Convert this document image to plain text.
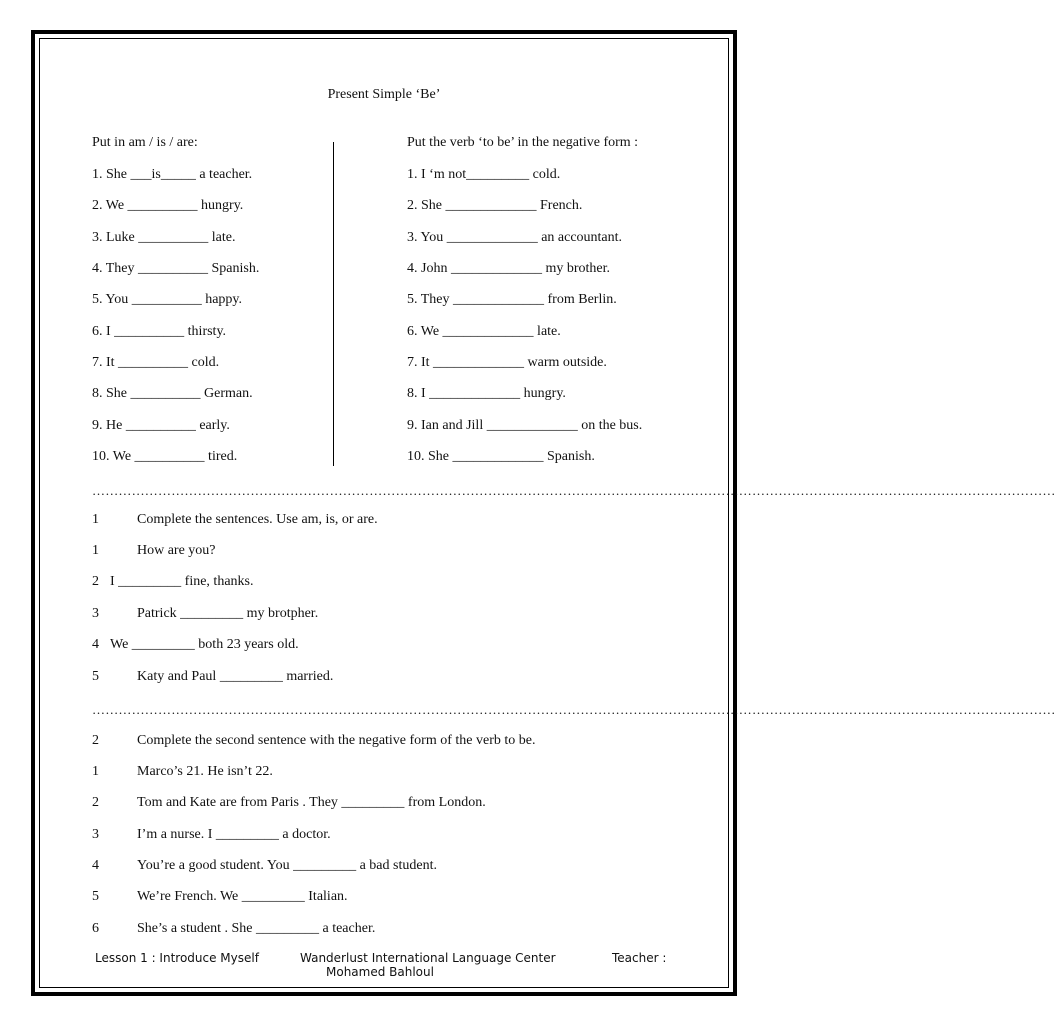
Present Simple ‘Be’
Put in am / is / are:
1. She ___is_____ a teacher.
2. We __________ hungry.
3. Luke __________ late.
4. They __________ Spanish.
5. You __________ happy.
6. I __________ thirsty.
7. It __________ cold.
8. She __________ German.
9. He __________ early.
10. We __________ tired.
Put the verb ‘to be’ in the negative form :
1. I ‘m not_________ cold.
2. She _____________ French.
3. You _____________ an accountant.
4. John _____________ my brother.
5. They _____________ from Berlin.
6. We _____________ late.
7. It _____________ warm outside.
8. I _____________ hungry.
9. Ian and Jill _____________ on the bus.
10. She _____________ Spanish.
…………………………………………………………………………………………………………………………………………………………………………………………………
1	Complete the sentences. Use am, is, or are.
1	How are you?
2 I _________ fine, thanks.
3	Patrick _________ my brotpher.
4 We _________ both 23 years old.
5	Katy and Paul _________ married.
…………………………………………………………………………………………………………………………………………………………………………………………………
2	Complete the second sentence with the negative form of the verb to be.
1	Marco’s 21. He isn’t 22.
2	Tom and Kate are from Paris . They _________ from London.
3	I’m a nurse. I _________ a doctor.
4	You’re a good student. You _________ a bad student.
5	We’re French. We _________ Italian.
6	She’s a student . She _________ a teacher.
Lesson 1 : Introduce Myself	Wanderlust International Language Center	Teacher :
Mohamed Bahloul
